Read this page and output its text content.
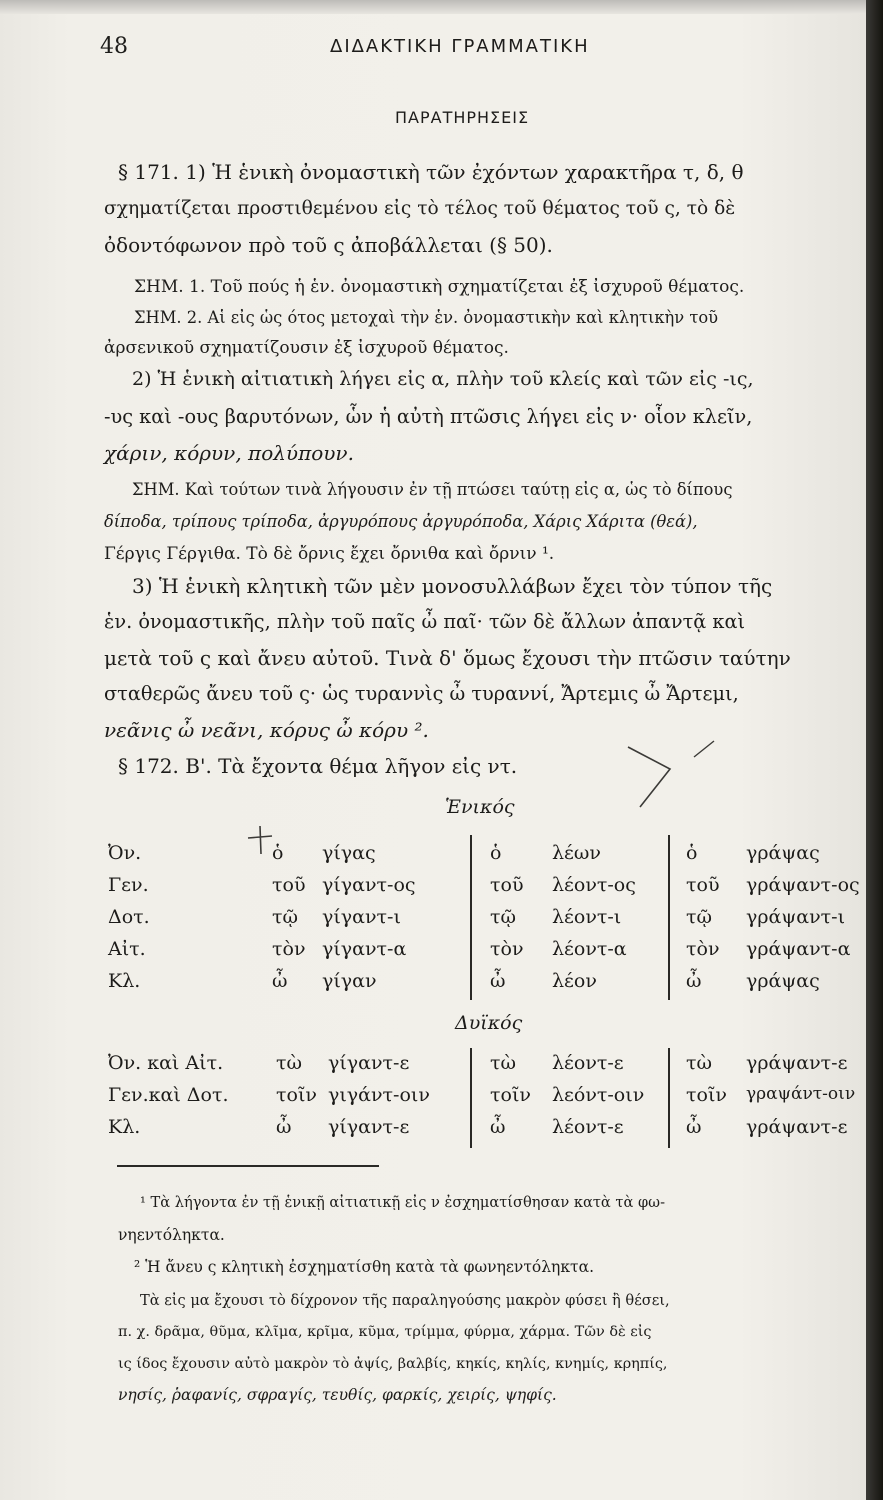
48	ΔΙΔΑΚΤΙΚΗ ΓΡΑΜΜΑΤΙΚΗ
ΠΑΡΑΤΗΡΗΣΕΙΣ
§ 171. 1) Ἡ ἑνικὴ ὀνομαστικὴ τῶν ἐχόντων χαρακτῆρα τ, δ, θ
σχηματίζεται προστιθεμένου εἰς τὸ τέλος τοῦ θέματος τοῦ ς, τὸ δὲ
ὀδοντόφωνον πρὸ τοῦ ς ἀποβάλλεται (§ 50).
ΣΗΜ. 1. Τοῦ πούς ἡ ἑν. ὀνομαστικὴ σχηματίζεται ἐξ ἰσχυροῦ θέματος.
ΣΗΜ. 2. Αἱ εἰς ὡς ότος μετοχαὶ τὴν ἑν. ὀνομαστικὴν καὶ κλητικὴν τοῦ
ἀρσενικοῦ σχηματίζουσιν ἐξ ἰσχυροῦ θέματος.
2) Ἡ ἑνικὴ αἰτιατικὴ λήγει εἰς α, πλὴν τοῦ κλείς καὶ τῶν εἰς -ις,
-υς καὶ -ους βαρυτόνων, ὧν ἡ αὐτὴ πτῶσις λήγει εἰς ν· οἷον κλεῖν,
χάριν, κόρυν, πολύπουν.
ΣΗΜ. Καὶ τούτων τινὰ λήγουσιν ἐν τῇ πτώσει ταύτῃ εἰς α, ὡς τὸ δίπους
δίποδα, τρίπους τρίποδα, ἀργυρόπους ἀργυρόποδα, Χάρις Χάριτα (θεά),
Γέργις Γέργιθα. Τὸ δὲ ὄρνις ἔχει ὄρνιθα καὶ ὄρνιν ¹.
3) Ἡ ἑνικὴ κλητικὴ τῶν μὲν μονοσυλλάβων ἔχει τὸν τύπον τῆς
ἑν. ὀνομαστικῆς, πλὴν τοῦ παῖς ὦ παῖ· τῶν δὲ ἄλλων ἀπαντᾷ καὶ
μετὰ τοῦ ς καὶ ἄνευ αὐτοῦ. Τινὰ δ' ὅμως ἔχουσι τὴν πτῶσιν ταύτην
σταθερῶς ἄνευ τοῦ ς· ὡς τυραννὶς ὦ τυραννί, Ἄρτεμις ὦ Ἄρτεμι,
νεᾶνις ὦ νεᾶνι, κόρυς ὦ κόρυ ².
§ 172. Β'. Τὰ ἔχοντα θέμα λῆγον εἰς ντ.
Ἑνικός
Ὀν.	ὁ γίγας	ὁ	λέων	ὁ	γράψας
Γεν.	τοῦ γίγαντ-ος	τοῦ λέοντ-ος	τοῦ γράψαντ-ος
Δοτ.	τῷ γίγαντ-ι	τῷ λέοντ-ι	τῷ γράψαντ-ι
Αἰτ.	τὸν γίγαντ-α	τὸν λέοντ-α	τὸν γράψαντ-α
Κλ.	ὦ γίγαν	ὦ λέον	ὦ γράψας
Δυϊκός
Ὀν. καὶ Αἰτ.	τὼ γίγαντ-ε	τὼ λέοντ-ε	τὼ γράψαντ-ε
Γεν.καὶ Δοτ. τοῖν γιγάντ-οιν	τοῖν λεόντ-οιν τοῖν γραψάντ-οιν
Κλ.	ὦ γίγαντ-ε	ὦ λέοντ-ε	ὦ γράψαντ-ε
¹ Τὰ λήγοντα ἐν τῇ ἑνικῇ αἰτιατικῇ εἰς ν ἐσχηματίσθησαν κατὰ τὰ φω-
νηεντόληκτα.
² Ἡ ἄνευ ς κλητικὴ ἐσχηματίσθη κατὰ τὰ φωνηεντόληκτα.
Τὰ εἰς μα ἔχουσι τὸ δίχρονον τῆς παραληγούσης μακρὸν φύσει ἢ θέσει,
π. χ. δρᾶμα, θῦμα, κλῖμα, κρῖμα, κῦμα, τρίμμα, φύρμα, χάρμα. Τῶν δὲ εἰς
ις ίδος ἔχουσιν αὐτὸ μακρὸν τὸ ἀψίς, βαλβίς, κηκίς, κηλίς, κνημίς, κρηπίς,
νησίς, ῥαφανίς, σφραγίς, τευθίς, φαρκίς, χειρίς, ψηφίς.
